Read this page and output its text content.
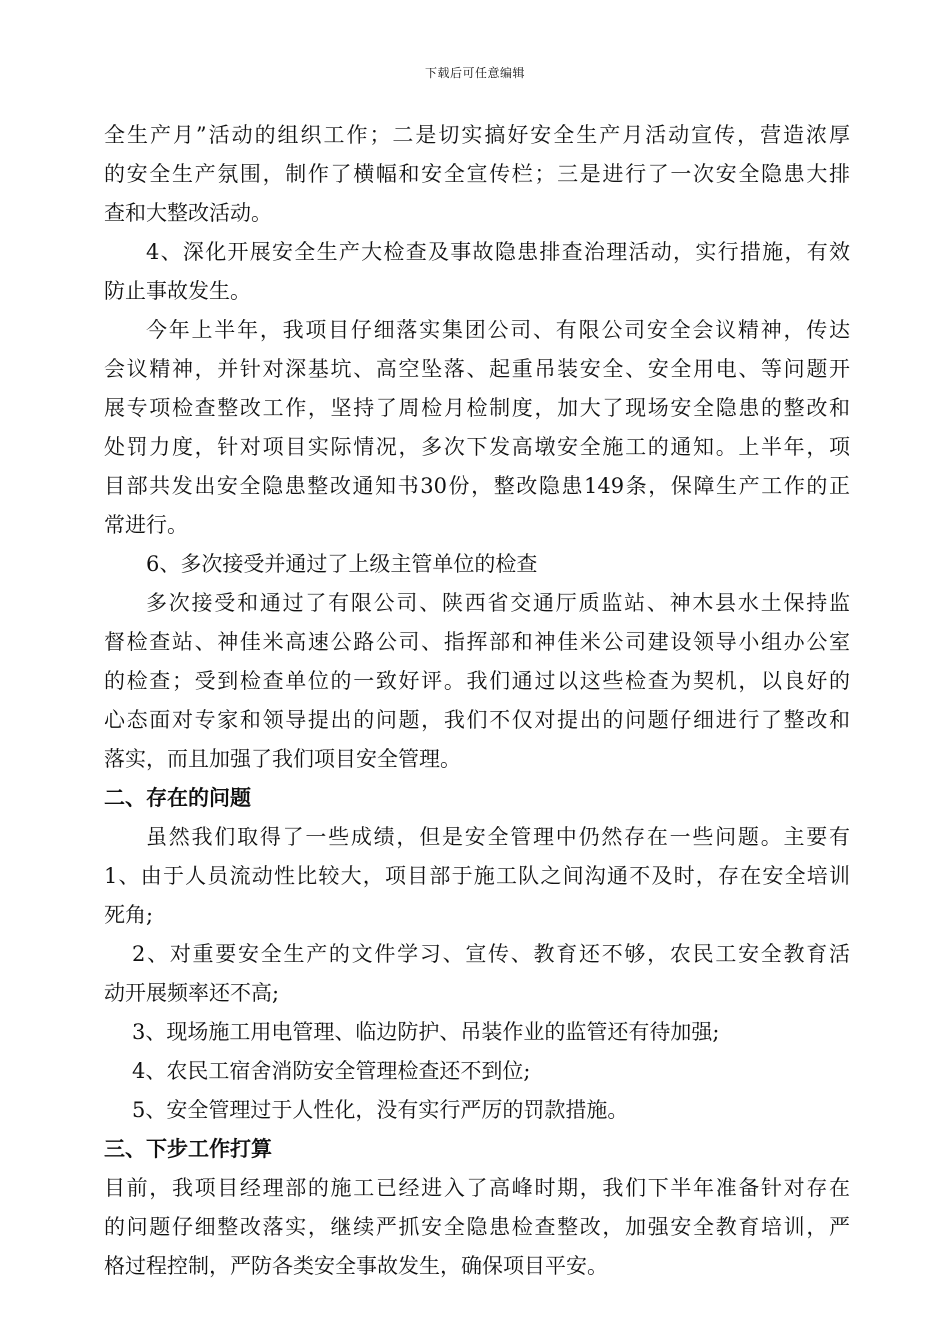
下载后可任意编辑
全生产月”活动的组织工作；二是切实搞好安全生产月活动宣传，营造浓厚
的安全生产氛围，制作了横幅和安全宣传栏；三是进行了一次安全隐患大排
查和大整改活动。
4、深化开展安全生产大检查及事故隐患排查治理活动，实行措施，有效
防止事故发生。
今年上半年，我项目仔细落实集团公司、有限公司安全会议精神，传达
会议精神，并针对深基坑、高空坠落、起重吊装安全、安全用电、等问题开
展专项检查整改工作，坚持了周检月检制度，加大了现场安全隐患的整改和
处罚力度，针对项目实际情况，多次下发高墩安全施工的通知。上半年，项
目部共发出安全隐患整改通知书30份，整改隐患149条，保障生产工作的正
常进行。
6、多次接受并通过了上级主管单位的检查
多次接受和通过了有限公司、陕西省交通厅质监站、神木县水土保持监
督检查站、神佳米高速公路公司、指挥部和神佳米公司建设领导小组办公室
的检查；受到检查单位的一致好评。我们通过以这些检查为契机，以良好的
心态面对专家和领导提出的问题，我们不仅对提出的问题仔细进行了整改和
落实，而且加强了我们项目安全管理。
二、存在的问题
虽然我们取得了一些成绩，但是安全管理中仍然存在一些问题。主要有
1、由于人员流动性比较大，项目部于施工队之间沟通不及时，存在安全培训
死角;
2、对重要安全生产的文件学习、宣传、教育还不够，农民工安全教育活
动开展频率还不高;
3、现场施工用电管理、临边防护、吊装作业的监管还有待加强;
4、农民工宿舍消防安全管理检查还不到位;
5、安全管理过于人性化，没有实行严厉的罚款措施。
三、下步工作打算
目前，我项目经理部的施工已经进入了高峰时期，我们下半年准备针对存在
的问题仔细整改落实，继续严抓安全隐患检查整改，加强安全教育培训，严
格过程控制，严防各类安全事故发生，确保项目平安。
